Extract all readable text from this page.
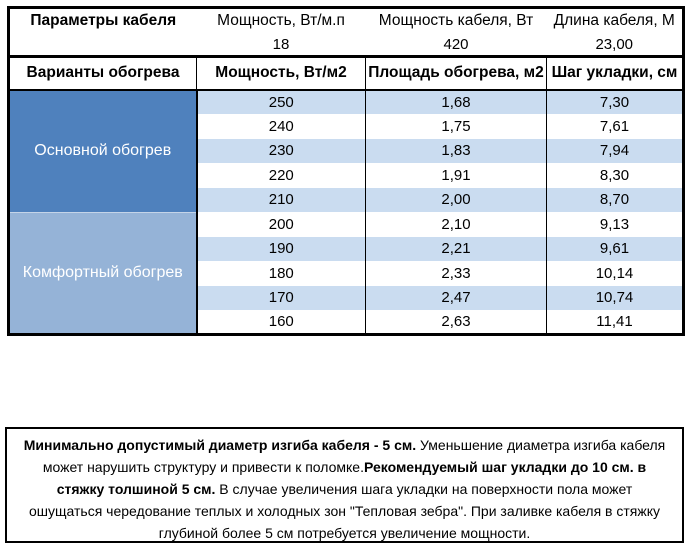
Параметры кабеля	Мощность, Вт/м.п	Мощность кабеля, Вт	Длина кабеля, М
	18	420	23,00
Варианты обогрева	Мощность, Вт/м2	Площадь обогрева, м2	Шаг укладки, см
Основной обогрев	250	1,68	7,30
	240	1,75	7,61
	230	1,83	7,94
	220	1,91	8,30
	210	2,00	8,70
Комфортный обогрев	200	2,10	9,13
	190	2,21	9,61
	180	2,33	10,14
	170	2,47	10,74
	160	2,63	11,41
Минимально допустимый диаметр изгиба кабеля - 5 см. Уменьшение диаметра изгиба кабеля может нарушить структуру и привести к поломке.Рекомендуемый шаг укладки до 10 см. в стяжку толшиной 5 см. В случае увеличения шага укладки на поверхности пола может ошущаться чередование теплых и холодных зон "Тепловая зебра". При заливке кабеля в стяжку глубиной более 5 см потребуется увеличение мощности.
